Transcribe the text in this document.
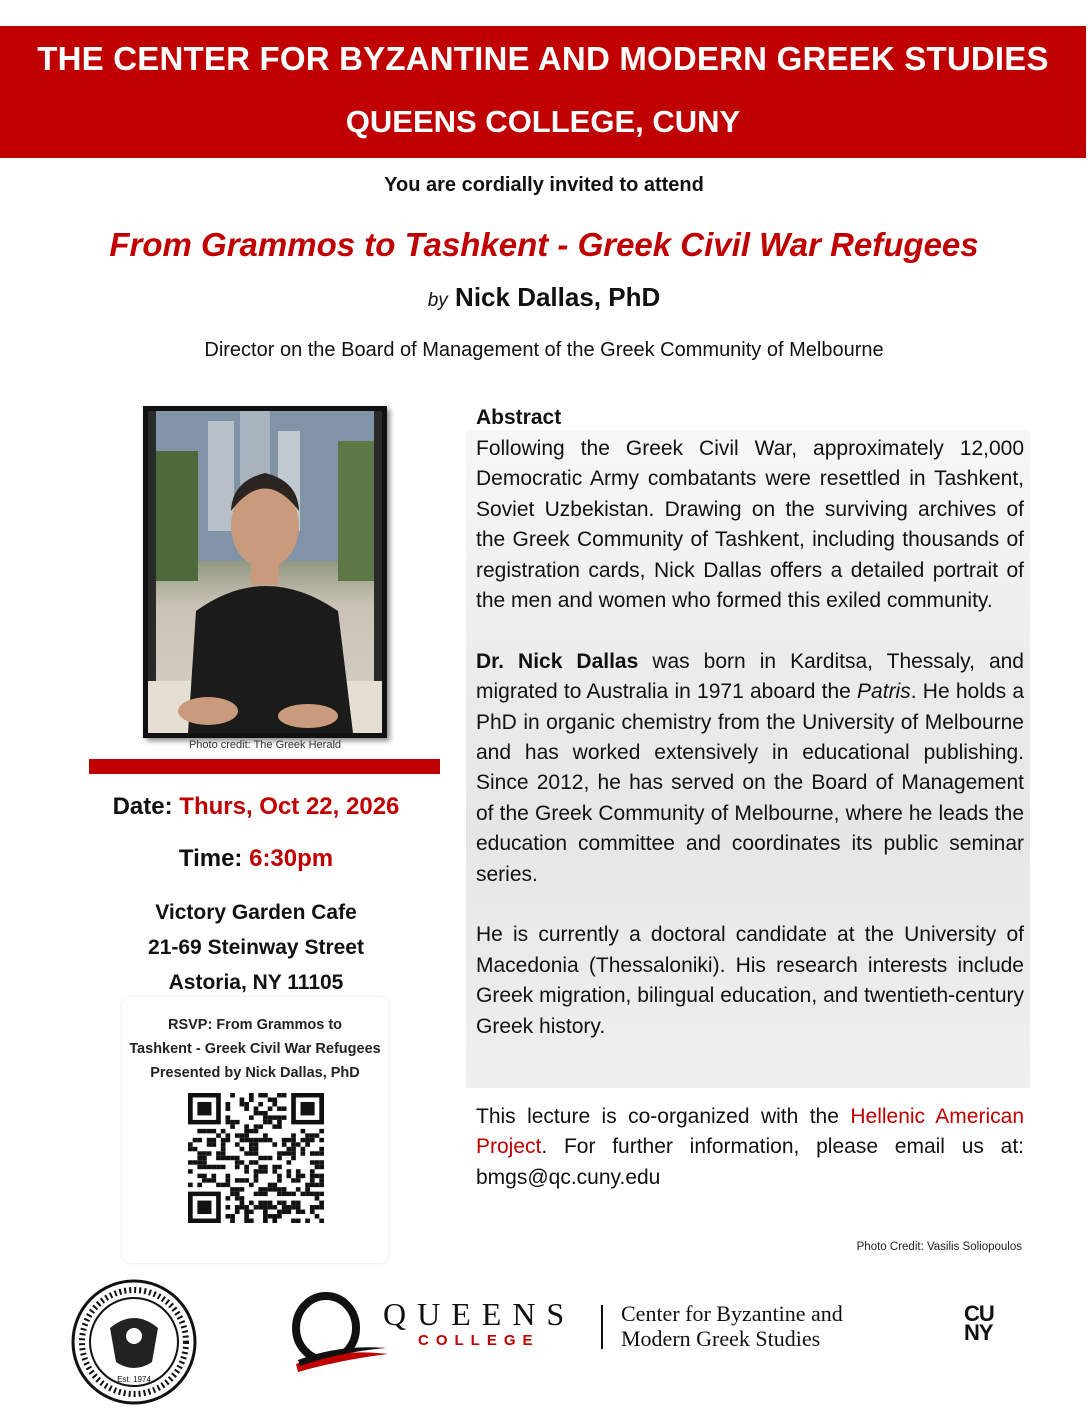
THE CENTER FOR BYZANTINE AND MODERN GREEK STUDIES
QUEENS COLLEGE, CUNY
You are cordially invited to attend
From Grammos to Tashkent - Greek Civil War Refugees
by Nick Dallas, PhD
Director on the Board of Management of the Greek Community of Melbourne
Photo credit: The Greek Herald
Date: Thurs, Oct 22, 2026
Time: 6:30pm
Victory Garden Cafe
21-69 Steinway Street
Astoria, NY 11105
RSVP: From Grammos to
Tashkent - Greek Civil War Refugees
Presented by Nick Dallas, PhD
Abstract

Following the Greek Civil War, approximately 12,000 Democratic Army combatants were resettled in Tashkent, Soviet Uzbekistan. Drawing on the surviving archives of the Greek Community of Tashkent, including thousands of registration cards, Nick Dallas offers a detailed portrait of the men and women who formed this exiled community.

Dr. Nick Dallas was born in Karditsa, Thessaly, and migrated to Australia in 1971 aboard the Patris. He holds a PhD in organic chemistry from the University of Melbourne and has worked extensively in educational publishing. Since 2012, he has served on the Board of Management of the Greek Community of Melbourne, where he leads the education committee and coordinates its public seminar series.

He is currently a doctoral candidate at the University of Macedonia (Thessaloniki). His research interests include Greek migration, bilingual education, and twentieth-century Greek history.

This lecture is co-organized with the Hellenic American Project. For further information, please email us at: bmgs@qc.cuny.edu
Photo Credit: Vasilis Soliopoulos
Est. 1974
QUEENS
COLLEGE
Center for Byzantine and
Modern Greek Studies
CU
NY
